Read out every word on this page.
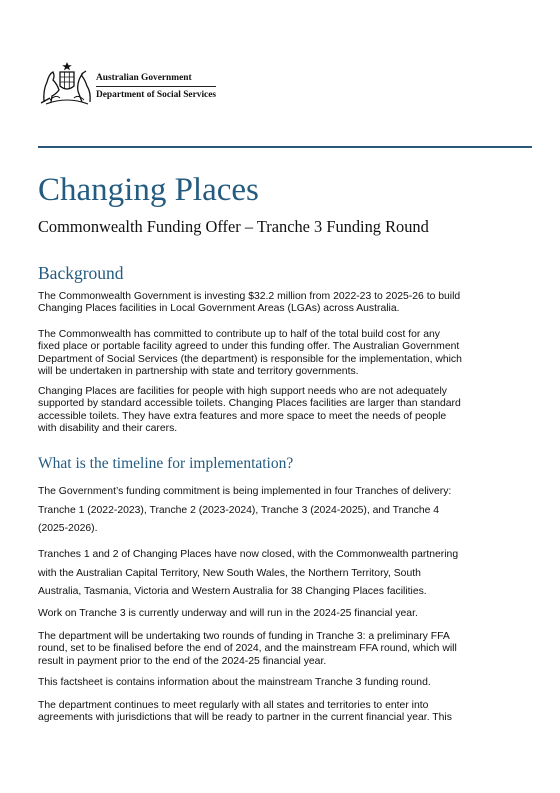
Australian Government
Department of Social Services
Changing Places
Commonwealth Funding Offer – Tranche 3 Funding Round
Background

The Commonwealth Government is investing $32.2 million from 2022-23 to 2025-26 to build
Changing Places facilities in Local Government Areas (LGAs) across Australia.

The Commonwealth has committed to contribute up to half of the total build cost for any
fixed place or portable facility agreed to under this funding offer. The Australian Government
Department of Social Services (the department) is responsible for the implementation, which
will be undertaken in partnership with state and territory governments.

Changing Places are facilities for people with high support needs who are not adequately
supported by standard accessible toilets. Changing Places facilities are larger than standard
accessible toilets. They have extra features and more space to meet the needs of people
with disability and their carers.

What is the timeline for implementation?

The Government’s funding commitment is being implemented in four Tranches of delivery:
Tranche 1 (2022-2023), Tranche 2 (2023-2024), Tranche 3 (2024-2025), and Tranche 4
(2025-2026).

Tranches 1 and 2 of Changing Places have now closed, with the Commonwealth partnering
with the Australian Capital Territory, New South Wales, the Northern Territory, South
Australia, Tasmania, Victoria and Western Australia for 38 Changing Places facilities.

Work on Tranche 3 is currently underway and will run in the 2024-25 financial year.

The department will be undertaking two rounds of funding in Tranche 3: a preliminary FFA
round, set to be finalised before the end of 2024, and the mainstream FFA round, which will
result in payment prior to the end of the 2024-25 financial year.

This factsheet is contains information about the mainstream Tranche 3 funding round.

The department continues to meet regularly with all states and territories to enter into
agreements with jurisdictions that will be ready to partner in the current financial year. This
